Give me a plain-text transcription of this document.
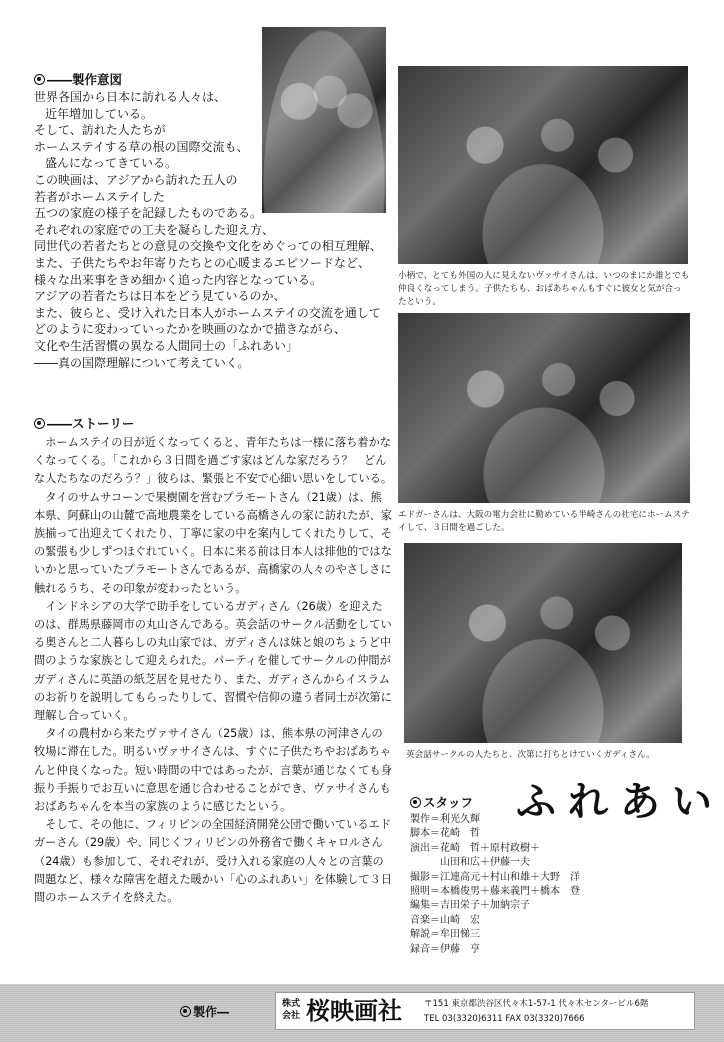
小柄で、とても外国の人に見えないヴァサイさんは、いつのまにか誰とでも仲良くなってしまう。子供たちも、おばあちゃんもすぐに彼女と気が合ったという。
エドガーさんは、大阪の電力会社に勤めている半崎さんの社宅にホームステイして、３日間を過ごした。
英会話サークルの人たちと、次第に打ちとけていくガディさん。
――製作意図
世界各国から日本に訪れる人々は、
近年増加している。
そして、訪れた人たちが
ホームステイする草の根の国際交流も、
盛んになってきている。
この映画は、アジアから訪れた五人の
若者がホームステイした
五つの家庭の様子を記録したものである。
それぞれの家庭での工夫を凝らした迎え方、
同世代の若者たちとの意見の交換や文化をめぐっての相互理解、
また、子供たちやお年寄りたちとの心暖まるエピソードなど、
様々な出来事をきめ細かく追った内容となっている。
アジアの若者たちは日本をどう見ているのか、
また、彼らと、受け入れた日本人がホームステイの交流を通して
どのように変わっていったかを映画のなかで描きながら、
文化や生活習慣の異なる人間同士の「ふれあい」
――真の国際理解について考えていく。
――ストーリー

ホームステイの日が近くなってくると、青年たちは一様に落ち着かなくなってくる。「これから３日間を過ごす家はどんな家だろう？　どんな人たちなのだろう？」彼らは、緊張と不安で心細い思いをしている。

タイのサムサコーンで果樹園を営むプラモートさん（21歳）は、熊本県、阿蘇山の山麓で高地農業をしている高橋さんの家に訪れたが、家族揃って出迎えてくれたり、丁寧に家の中を案内してくれたりして、その緊張も少しずつほぐれていく。日本に来る前は日本人は排他的ではないかと思っていたプラモートさんであるが、高橋家の人々のやさしさに触れるうち、その印象が変わったという。

インドネシアの大学で助手をしているガディさん（26歳）を迎えたのは、群馬県藤岡市の丸山さんである。英会話のサークル活動をしている奥さんと二人暮らしの丸山家では、ガディさんは妹と娘のちょうど中間のような家族として迎えられた。パーティを催してサークルの仲間がガディさんに英語の紙芝居を見せたり、また、ガディさんからイスラムのお祈りを説明してもらったりして、習慣や信仰の違う者同士が次第に理解し合っていく。

タイの農村から来たヴァサイさん（25歳）は、熊本県の河津さんの牧場に滞在した。明るいヴァサイさんは、すぐに子供たちやおばあちゃんと仲良くなった。短い時間の中ではあったが、言葉が通じなくても身振り手振りでお互いに意思を通じ合わせることができ、ヴァサイさんもおばあちゃんを本当の家族のように感じたという。

そして、その他に、フィリピンの全国経済開発公団で働いているエドガーさん（29歳）や、同じくフィリピンの外務省で働くキャロルさん（24歳）も参加して、それぞれが、受け入れる家庭の人々との言葉の問題など、様々な障害を超えた暖かい「心のふれあい」を体験して３日間のホームステイを終えた。

スタッフ ふれあい
製作＝利光久輝
脚本＝花崎　哲
演出＝花崎　哲＋原村政樹＋
　　　山田和広＋伊藤一夫
撮影＝江連高元＋村山和雄＋大野　洋
照明＝本橋俊男＋藤来義門＋橋本　登
編集＝吉田栄子＋加納宗子
音楽＝山崎　宏
解説＝牟田悌三
録音＝伊藤　亨
製作―
株式
会社 桜映画社	〒151 東京都渋谷区代々木1-57-1 代々木センタービル6階
TEL 03(3320)6311 FAX 03(3320)7666
